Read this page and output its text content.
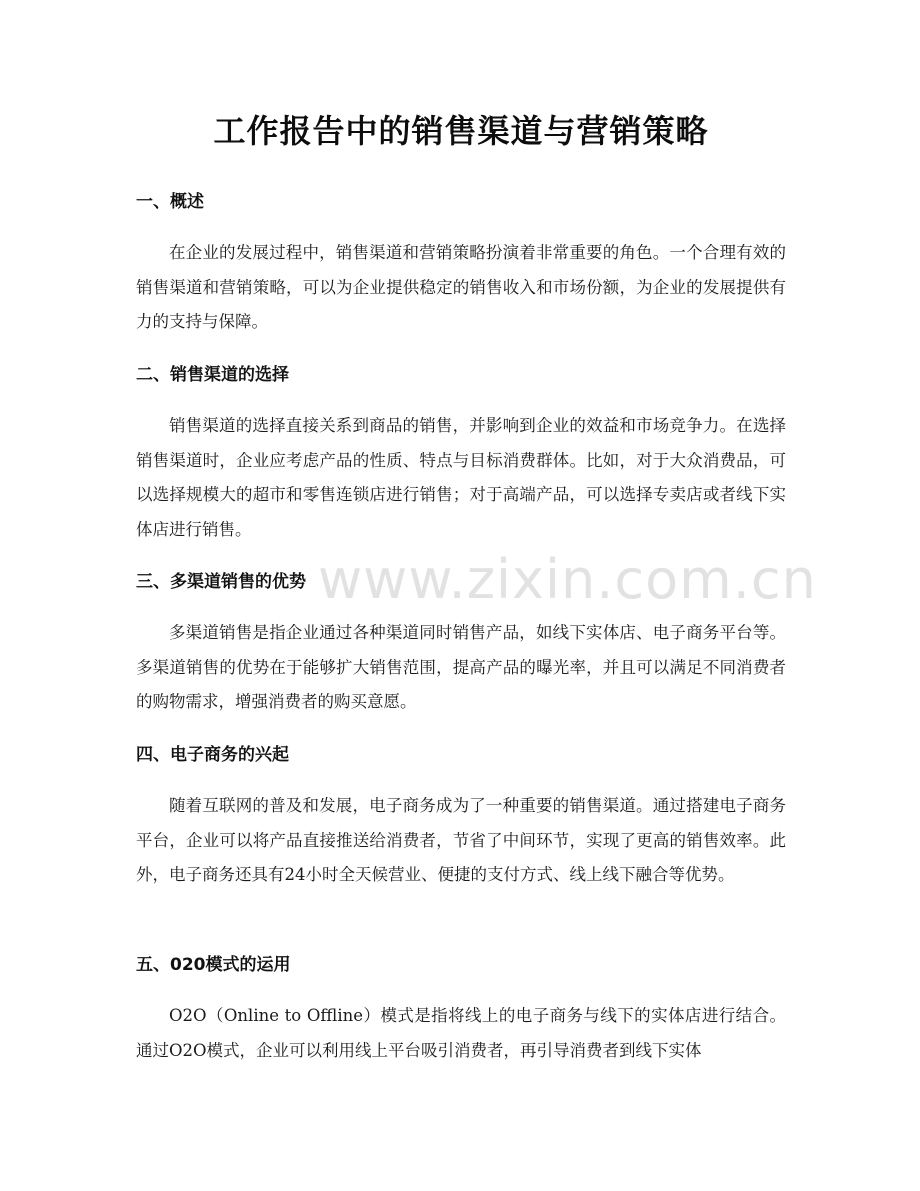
工作报告中的销售渠道与营销策略
一、概述

在企业的发展过程中，销售渠道和营销策略扮演着非常重要的角色。一个合理有效的销售渠道和营销策略，可以为企业提供稳定的销售收入和市场份额，为企业的发展提供有力的支持与保障。

二、销售渠道的选择

销售渠道的选择直接关系到商品的销售，并影响到企业的效益和市场竞争力。在选择销售渠道时，企业应考虑产品的性质、特点与目标消费群体。比如，对于大众消费品，可以选择规模大的超市和零售连锁店进行销售；对于高端产品，可以选择专卖店或者线下实体店进行销售。

三、多渠道销售的优势

多渠道销售是指企业通过各种渠道同时销售产品，如线下实体店、电子商务平台等。多渠道销售的优势在于能够扩大销售范围，提高产品的曝光率，并且可以满足不同消费者的购物需求，增强消费者的购买意愿。

四、电子商务的兴起

随着互联网的普及和发展，电子商务成为了一种重要的销售渠道。通过搭建电子商务平台，企业可以将产品直接推送给消费者，节省了中间环节，实现了更高的销售效率。此外，电子商务还具有24小时全天候营业、便捷的支付方式、线上线下融合等优势。

五、020模式的运用

O2O（Online to Offline）模式是指将线上的电子商务与线下的实体店进行结合。通过O2O模式，企业可以利用线上平台吸引消费者，再引导消费者到线下实体

www.zixin.com.cn
